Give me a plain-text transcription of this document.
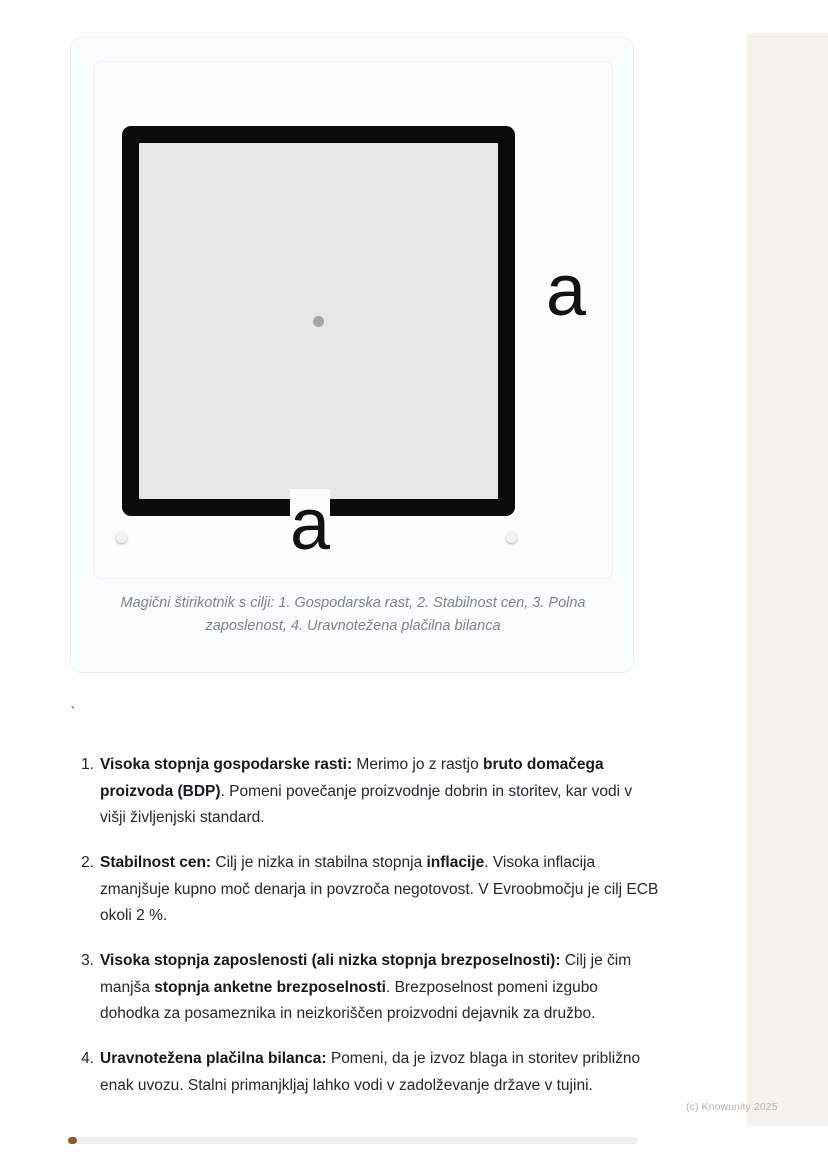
a
a
Magični štirikotnik s cilji: 1. Gospodarska rast, 2. Stabilnost cen, 3. Polna zaposlenost, 4. Uravnotežena plačilna bilanca
`
1. Visoka stopnja gospodarske rasti: Merimo jo z rastjo bruto domačega proizvoda (BDP). Pomeni povečanje proizvodnje dobrin in storitev, kar vodi v višji življenjski standard.
2. Stabilnost cen: Cilj je nizka in stabilna stopnja inflacije. Visoka inflacija zmanjšuje kupno moč denarja in povzroča negotovost. V Evroobmočju je cilj ECB okoli 2 %.
3. Visoka stopnja zaposlenosti (ali nizka stopnja brezposelnosti): Cilj je čim manjša stopnja anketne brezposelnosti. Brezposelnost pomeni izgubo dohodka za posameznika in neizkoriščen proizvodni dejavnik za družbo.
4. Uravnotežena plačilna bilanca: Pomeni, da je izvoz blaga in storitev približno enak uvozu. Stalni primanjkljaj lahko vodi v zadolževanje države v tujini.
(c) Knowunity 2025
